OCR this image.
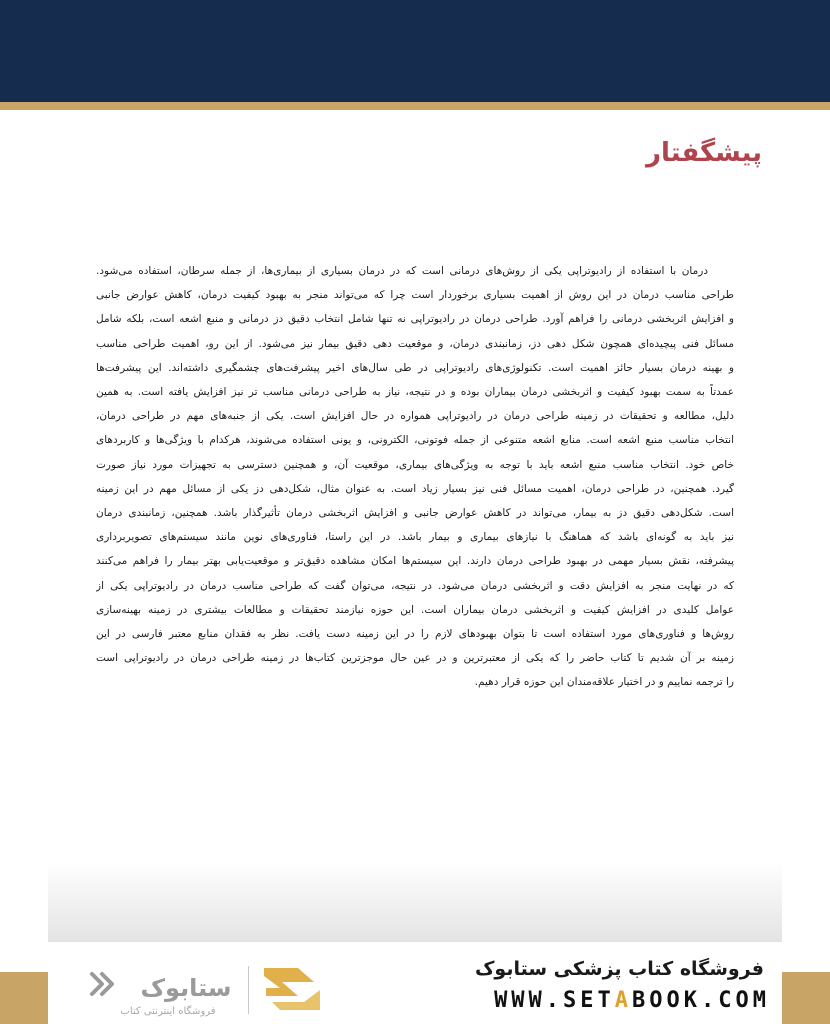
پیشگفتار
درمان با استفاده از رادیوتراپی یکی از روش‌های درمانی است که در درمان بسیاری از بیماری‌ها، از جمله سرطان، استفاده می‌شود.
طراحی مناسب درمان در این روش از اهمیت بسیاری برخوردار است چرا که می‌تواند منجر به بهبود کیفیت درمان، کاهش عوارض جانبی
و افزایش اثربخشی درمانی را فراهم آورد. طراحی درمان در رادیوتراپی نه تنها شامل انتخاب دقیق دز درمانی و منبع اشعه است، بلکه شامل
مسائل فنی پیچیده‌ای همچون شکل دهی دز، زمانبندی درمان، و موقعیت دهی دقیق بیمار نیز می‌شود. از این رو، اهمیت طراحی مناسب
و بهینه درمان بسیار حائز اهمیت است. تکنولوژی‌های رادیوتراپی در طی سال‌های اخیر پیشرفت‌های چشمگیری داشته‌اند. این پیشرفت‌ها
عمدتاً به سمت بهبود کیفیت و اثربخشی درمان بیماران بوده و در نتیجه، نیاز به طراحی درمانی مناسب تر نیز افزایش یافته است. به همین
دلیل، مطالعه و تحقیقات در زمینه طراحی درمان در رادیوتراپی همواره در حال افزایش است. یکی از جنبه‌های مهم در طراحی درمان،
انتخاب مناسب منبع اشعه است. منابع اشعه متنوعی از جمله فوتونی، الکترونی، و یونی استفاده می‌شوند، هرکدام با ویژگی‌ها و کاربردهای
خاص خود. انتخاب مناسب منبع اشعه باید با توجه به ویژگی‌های بیماری، موقعیت آن، و همچنین دسترسی به تجهیزات مورد نیاز صورت
گیرد. همچنین، در طراحی درمان، اهمیت مسائل فنی نیز بسیار زیاد است. به عنوان مثال، شکل‌دهی دز یکی از مسائل مهم در این زمینه
است. شکل‌دهی دقیق دز به بیمار، می‌تواند در کاهش عوارض جانبی و افزایش اثربخشی درمان تأثیرگذار باشد. همچنین، زمانبندی درمان
نیز باید به گونه‌ای باشد که هماهنگ با نیازهای بیماری و بیمار باشد. در این راستا، فناوری‌های نوین مانند سیستم‌های تصویربرداری
پیشرفته، نقش بسیار مهمی در بهبود طراحی درمان دارند. این سیستم‌ها امکان مشاهده دقیق‌تر و موقعیت‌یابی بهتر بیمار را فراهم می‌کنند
که در نهایت منجر به افزایش دقت و اثربخشی درمان می‌شود. در نتیجه، می‌توان گفت که طراحی مناسب درمان در رادیوتراپی یکی از
عوامل کلیدی در افزایش کیفیت و اثربخشی درمان بیماران است. این حوزه نیازمند تحقیقات و مطالعات بیشتری در زمینه بهینه‌سازی
روش‌ها و فناوری‌های مورد استفاده است تا بتوان بهبودهای لازم را در این زمینه دست یافت. نظر به فقدان منابع معتبر فارسی در این
زمینه بر آن شدیم تا کتاب حاضر را که یکی از معتبرترین و در عین حال موجزترین کتاب‌ها در زمینه طراحی درمان در رادیوتراپی است
را ترجمه نماییم و در اختیار علاقه‌مندان این حوزه قرار دهیم.
ستابوک
فروشگاه اینترنتی کتاب
فروشگاه کتاب پزشکی ستابوک
WWW.SETABOOK.COM
